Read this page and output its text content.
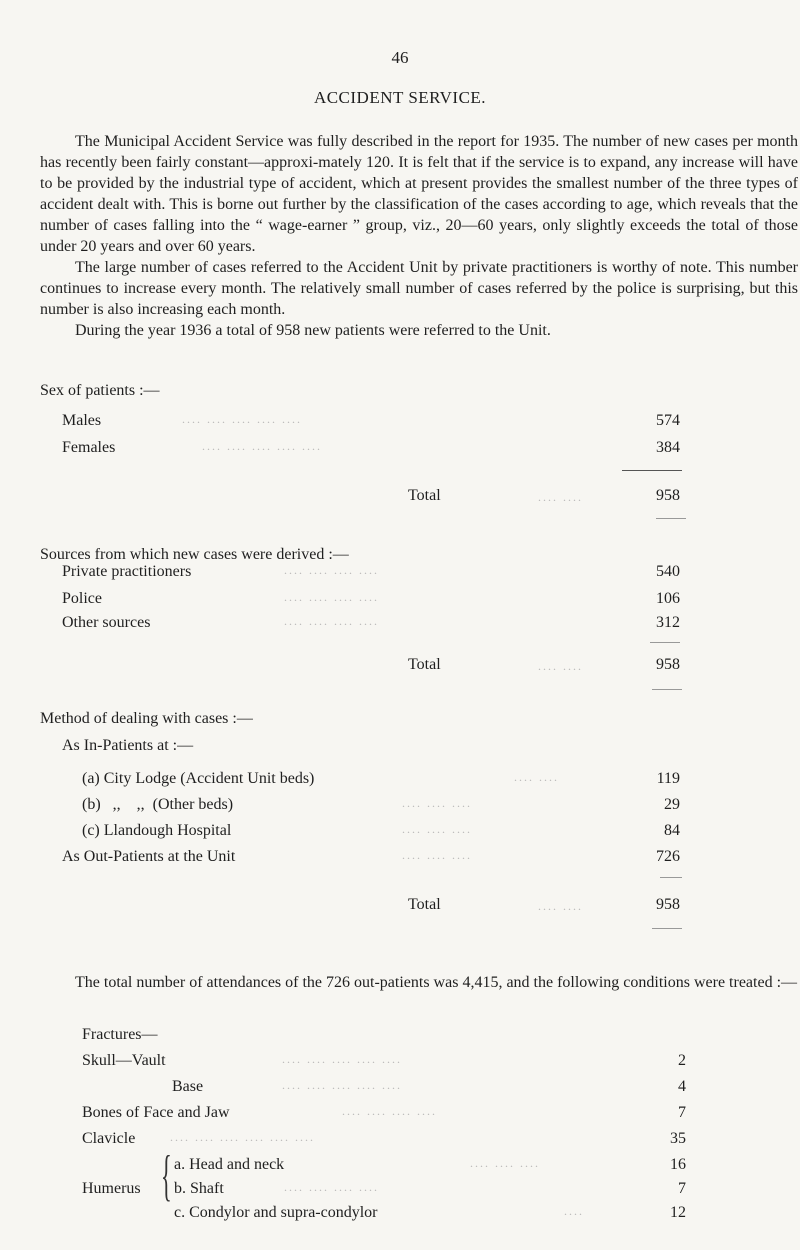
46
ACCIDENT SERVICE.

The Municipal Accident Service was fully described in the report for 1935. The number of new cases per month has recently been fairly constant—approxi-mately 120. It is felt that if the service is to expand, any increase will have to be provided by the industrial type of accident, which at present provides the smallest number of the three types of accident dealt with. This is borne out further by the classification of the cases according to age, which reveals that the number of cases falling into the “ wage-earner ” group, viz., 20—60 years, only slightly exceeds the total of those under 20 years and over 60 years.

The large number of cases referred to the Accident Unit by private practitioners is worthy of note. This number continues to increase every month. The relatively small number of cases referred by the police is surprising, but this number is also increasing each month.

During the year 1936 a total of 958 new patients were referred to the Unit.

Sex of patients :—
Males	.... .... .... .... ....	574
Females	.... .... .... .... ....	384
Total	.... ....	958
Sources from which new cases were derived :—
Private practitioners	.... .... .... ....	540
Police	.... .... .... ....	106
Other sources	.... .... .... ....	312
Total	.... ....	958
Method of dealing with cases :—
As In-Patients at :—
(a) City Lodge (Accident Unit beds)	.... ....	119
(b)   ,,    ,,  (Other beds)	.... .... ....	29
(c) Llandough Hospital	.... .... ....	84
As Out-Patients at the Unit	.... .... ....	726
Total	.... ....	958

The total number of attendances of the 726 out-patients was 4,415, and the following conditions were treated :—

Fractures—
Skull—Vault	.... .... .... .... ....	2
Base	.... .... .... .... ....	4
Bones of Face and Jaw	.... .... .... ....	7
Clavicle	.... .... .... .... .... ....	35
Humerus { a. Head and neck	.... .... ....	16
b. Shaft	.... .... .... ....	7
c. Condylor and supra-condylor	....	12
